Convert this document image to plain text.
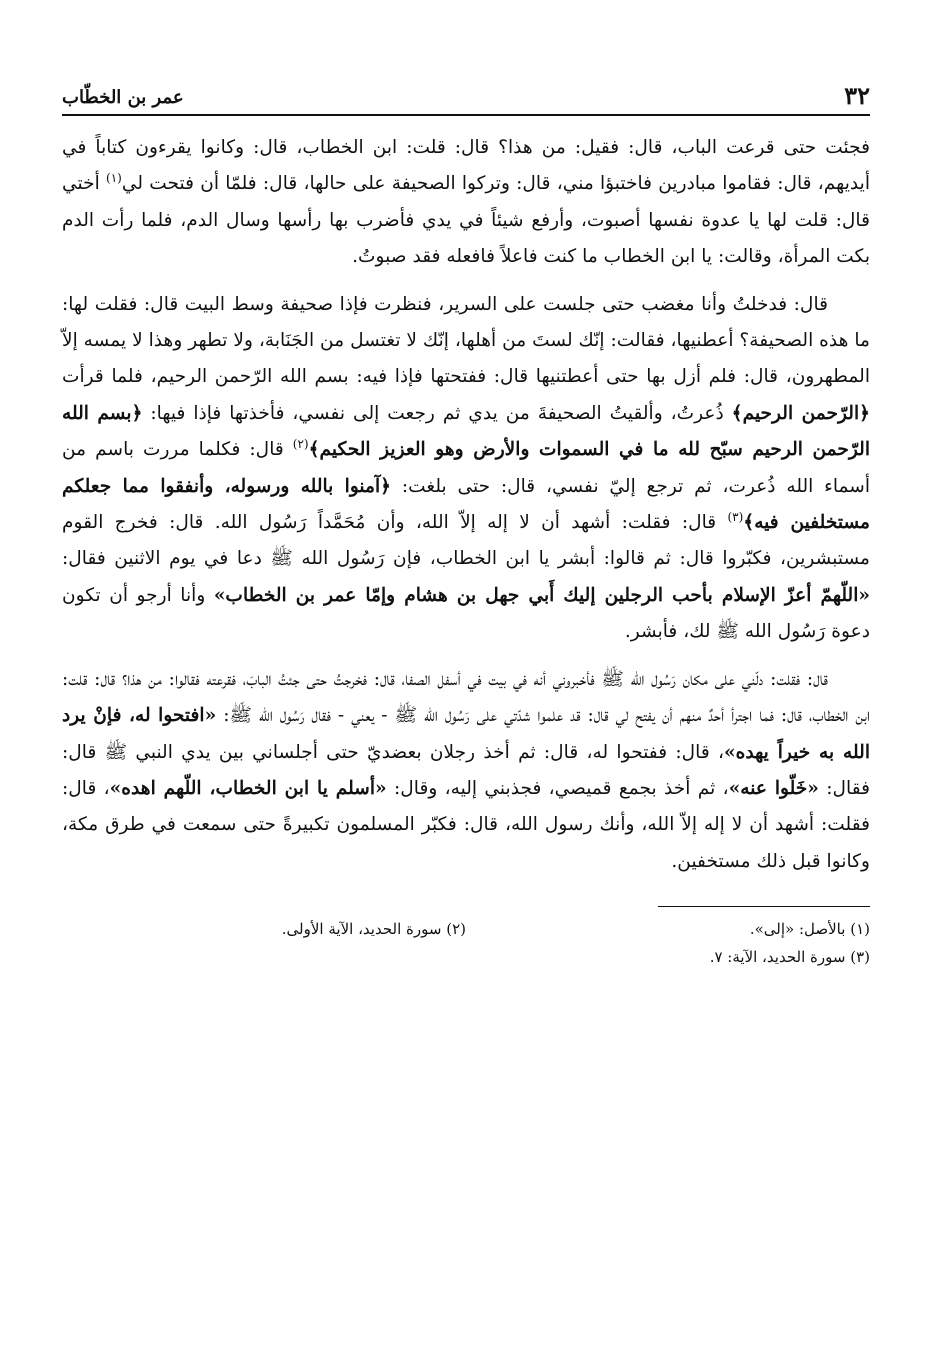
٣٢
عمر بن الخطّاب

فجئت حتى قرعت الباب، قال: فقيل: من هذا؟ قال: قلت: ابن الخطاب، قال: وكانوا يقرءون كتاباً في أيديهم، قال: فقاموا مبادرين فاختبؤا مني، قال: وتركوا الصحيفة على حالها، قال: فلمّا أن فتحت لي$^{(١)}$ أختي قال: قلت لها يا عدوة نفسها أصبوت، وأرفع شيئاً في يدي فأضرب بها رأسها وسال الدم، فلما رأت الدم بكت المرأة، وقالت: يا ابن الخطاب ما كنت فاعلاً فافعله فقد صبوتُ.

قال: فدخلتُ وأنا مغضب حتى جلست على السرير، فنظرت فإذا صحيفة وسط البيت قال: فقلت لها: ما هذه الصحيفة؟ أعطنيها، فقالت: إنّك لستَ من أهلها، إنّك لا تغتسل من الجَنَابة، ولا تطهر وهذا لا يمسه إلاّ المطهرون، قال: فلم أزل بها حتى أعطتنيها قال: ففتحتها فإذا فيه: بسم الله الرّحمن الرحيم، فلما قرأت ﴿الرّحمن الرحيم﴾ ذُعرتُ، وألقيتُ الصحيفةَ من يدي ثم رجعت إلى نفسي، فأخذتها فإذا فيها: ﴿بسم الله الرّحمن الرحيم سبّح لله ما في السموات والأرض وهو العزيز الحكيم﴾$^{(٢)}$ قال: فكلما مررت باسم من أسماء الله ذُعرت، ثم ترجع إليّ نفسي، قال: حتى بلغت: ﴿آمنوا بالله ورسوله، وأنفقوا مما جعلكم مستخلفين فيه﴾$^{(٣)}$ قال: فقلت: أشهد أن لا إله إلاّ الله، وأن مُحَمَّداً رَسُول الله. قال: فخرج القوم مستبشرين، فكبّروا قال: ثم قالوا: أبشر يا ابن الخطاب، فإن رَسُول الله ﷺ دعا في يوم الاثنين فقال: «اللّهمّ أعزّ الإسلام بأحب الرجلين إليك أَبي جهل بن هشام وإمّا عمر بن الخطاب» وأنا أرجو أن تكون دعوة رَسُول الله ﷺ لك، فأبشر.

قال: فقلت: دلّني على مكان رَسُول الله ﷺ فأخبروني أنه في بيت في أسفل الصفا، قال: فخرجتُ حتى جئتُ البابَ، فقرعته فقالوا: من هذا؟ قال: قلت: ابن الخطاب، قال: فما اجترأ أحدٌ منهم أن يفتح لي قال: قد علموا شدّتي على رَسُول الله ﷺ - يعني - فقال رَسُول الله ﷺ: «افتحوا له، فإنْ يرد الله به خيراً يهده»، قال: ففتحوا له، قال: ثم أخذ رجلان بعضديّ حتى أجلساني بين يدي النبي ﷺ قال: فقال: «خَلّوا عنه»، ثم أخذ بجمع قميصي، فجذبني إليه، وقال: «أسلم يا ابن الخطاب، اللّهم اهده»، قال: فقلت: أشهد أن لا إله إلاّ الله، وأنك رسول الله، قال: فكبّر المسلمون تكبيرةً حتى سمعت في طرق مكة، وكانوا قبل ذلك مستخفين.

(١) بالأصل: «إلى».
(٢) سورة الحديد، الآية الأولى.
(٣) سورة الحديد، الآية: ٧.
